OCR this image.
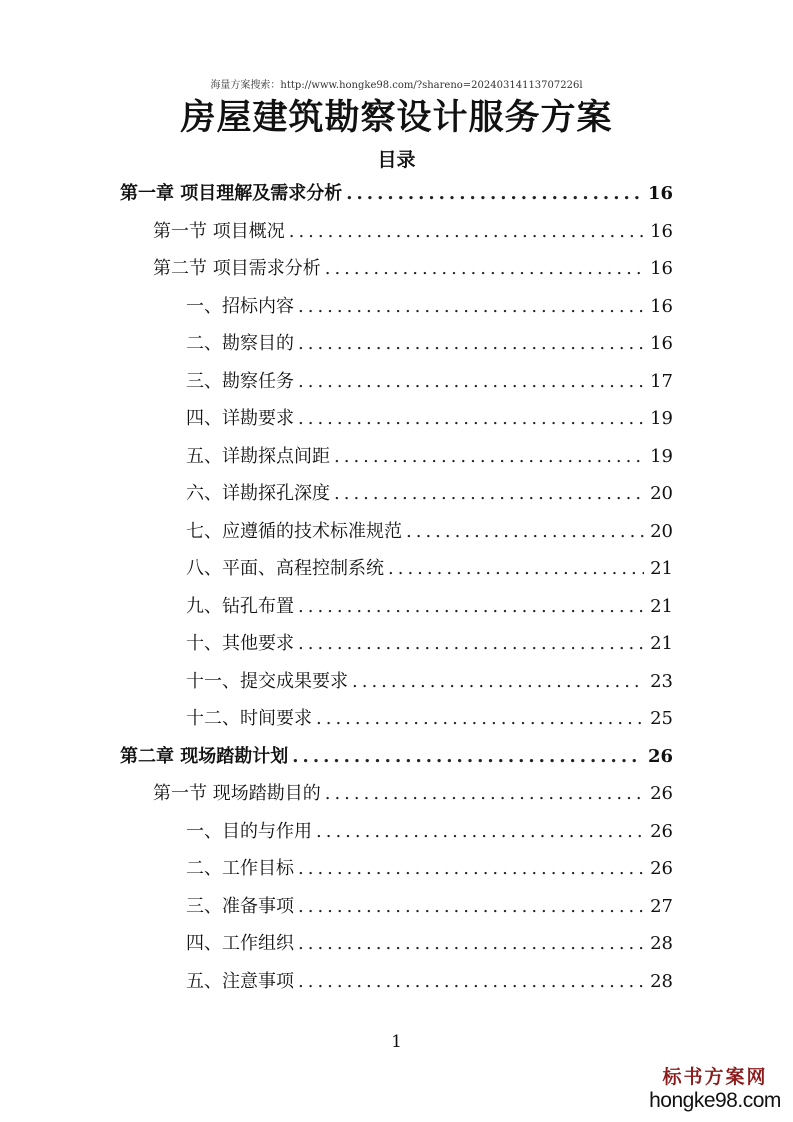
海量方案搜索：http://www.hongke98.com/?shareno=20240314113707226l
房屋建筑勘察设计服务方案
目录
第一章 项目理解及需求分析 .....	16
第一节 项目概况 .....	16
第二节 项目需求分析 .....	16
一、招标内容 .....	16
二、勘察目的 .....	16
三、勘察任务 .....	17
四、详勘要求 .....	19
五、详勘探点间距 .....	19
六、详勘探孔深度 .....	20
七、应遵循的技术标准规范 .....	20
八、平面、高程控制系统 .....	21
九、钻孔布置 .....	21
十、其他要求 .....	21
十一、提交成果要求 .....	23
十二、时间要求 .....	25
第二章 现场踏勘计划 .....	26
第一节 现场踏勘目的 .....	26
一、目的与作用 .....	26
二、工作目标 .....	26
三、准备事项 .....	27
四、工作组织 .....	28
五、注意事项 .....	28
1
标书方案网
hongke98.com
